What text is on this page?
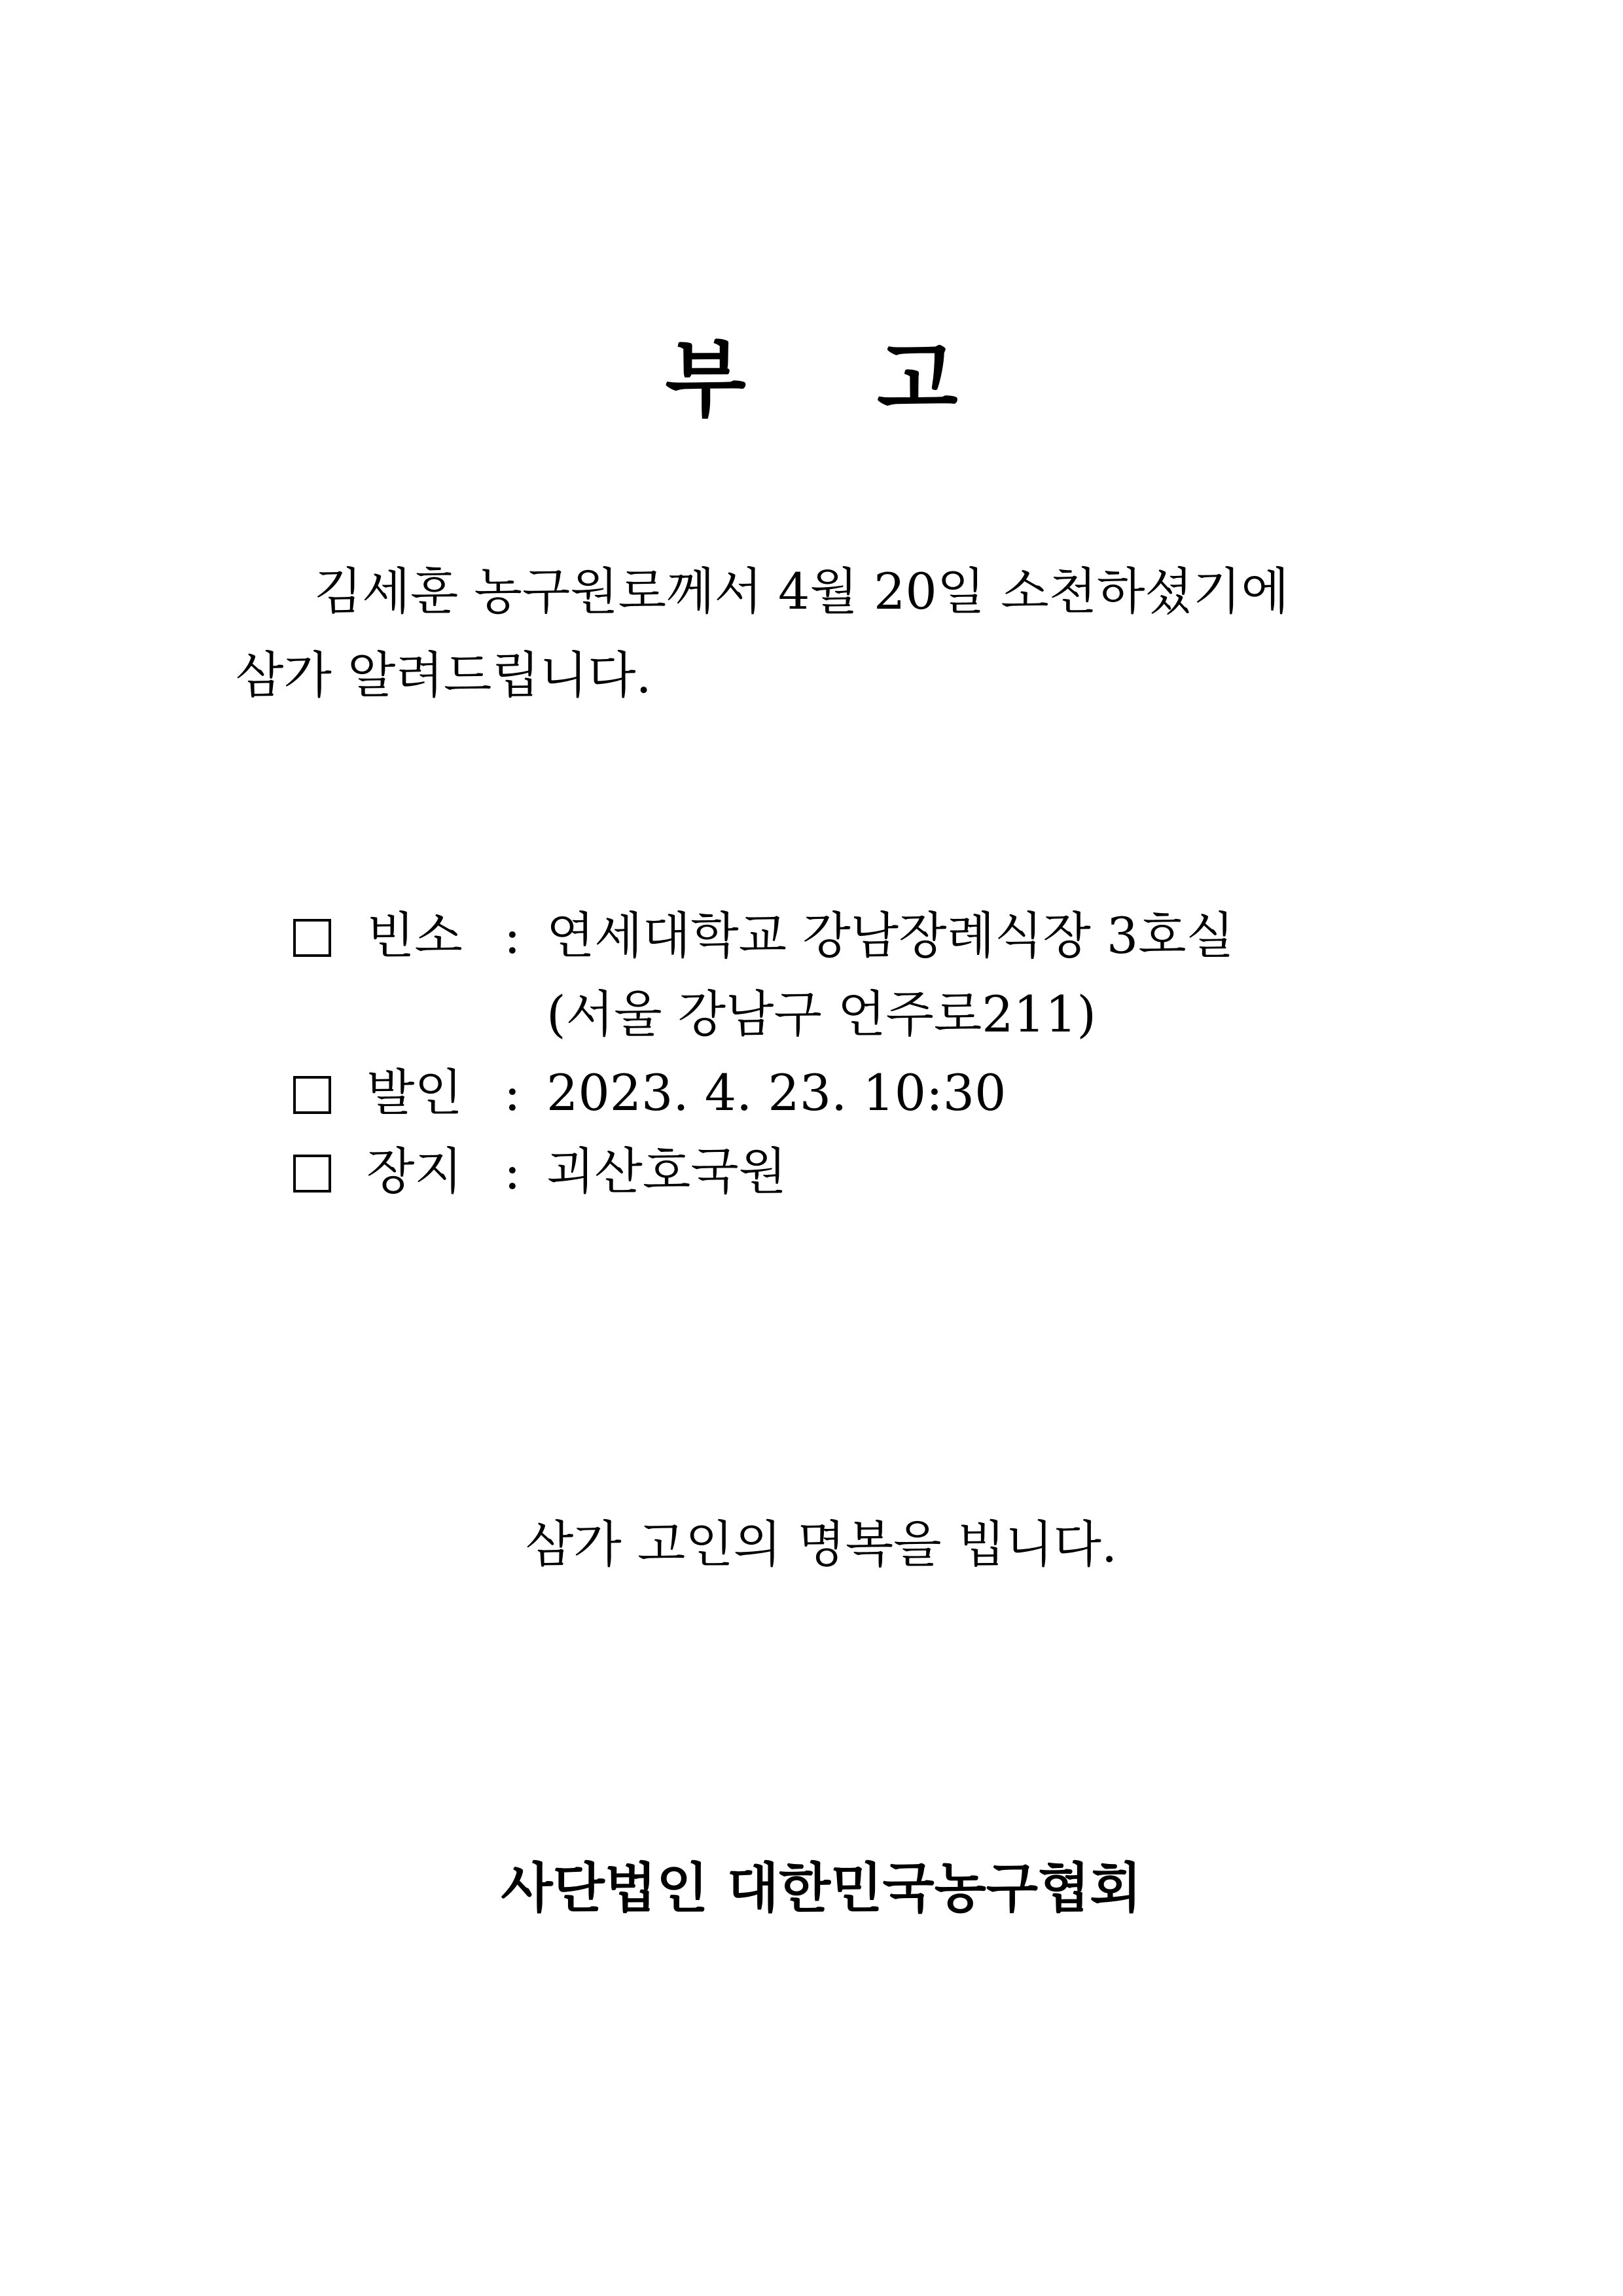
부 고
김세훈 농구원로께서 4월 20일 소천하셨기에
삼가 알려드립니다.
빈소 : 연세대학교 강남장례식장 3호실
(서울 강남구 언주로211)
발인 : 2023. 4. 23. 10:30
장지 : 괴산호국원
삼가 고인의 명복을 빕니다.
사단법인 대한민국농구협회
